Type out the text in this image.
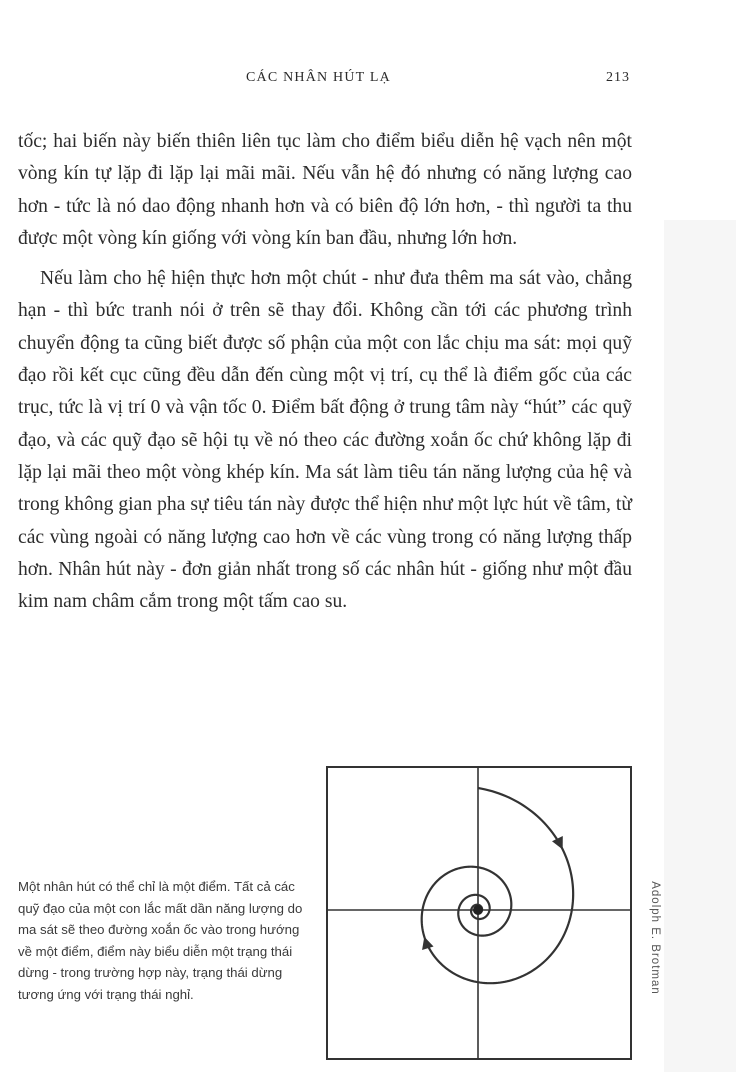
CÁC NHÂN HÚT LẠ	213

tốc; hai biến này biến thiên liên tục làm cho điểm biểu diễn hệ vạch nên một vòng kín tự lặp đi lặp lại mãi mãi. Nếu vẫn hệ đó nhưng có năng lượng cao hơn - tức là nó dao động nhanh hơn và có biên độ lớn hơn, - thì người ta thu được một vòng kín giống với vòng kín ban đầu, nhưng lớn hơn.

Nếu làm cho hệ hiện thực hơn một chút - như đưa thêm ma sát vào, chẳng hạn - thì bức tranh nói ở trên sẽ thay đổi. Không cần tới các phương trình chuyển động ta cũng biết được số phận của một con lắc chịu ma sát: mọi quỹ đạo rồi kết cục cũng đều dẫn đến cùng một vị trí, cụ thể là điểm gốc của các trục, tức là vị trí 0 và vận tốc 0. Điểm bất động ở trung tâm này “hút” các quỹ đạo, và các quỹ đạo sẽ hội tụ về nó theo các đường xoắn ốc chứ không lặp đi lặp lại mãi theo một vòng khép kín. Ma sát làm tiêu tán năng lượng của hệ và trong không gian pha sự tiêu tán này được thể hiện như một lực hút về tâm, từ các vùng ngoài có năng lượng cao hơn về các vùng trong có năng lượng thấp hơn. Nhân hút này - đơn giản nhất trong số các nhân hút - giống như một đầu kim nam châm cắm trong một tấm cao su.

Một nhân hút có thể chỉ là một điểm. Tất cả các quỹ đạo của một con lắc mất dần năng lượng do ma sát sẽ theo đường xoắn ốc vào trong hướng về một điểm, điểm này biểu diễn một trạng thái dừng - trong trường hợp này, trạng thái dừng tương ứng với trạng thái nghỉ.	Adolph E. Brotman
